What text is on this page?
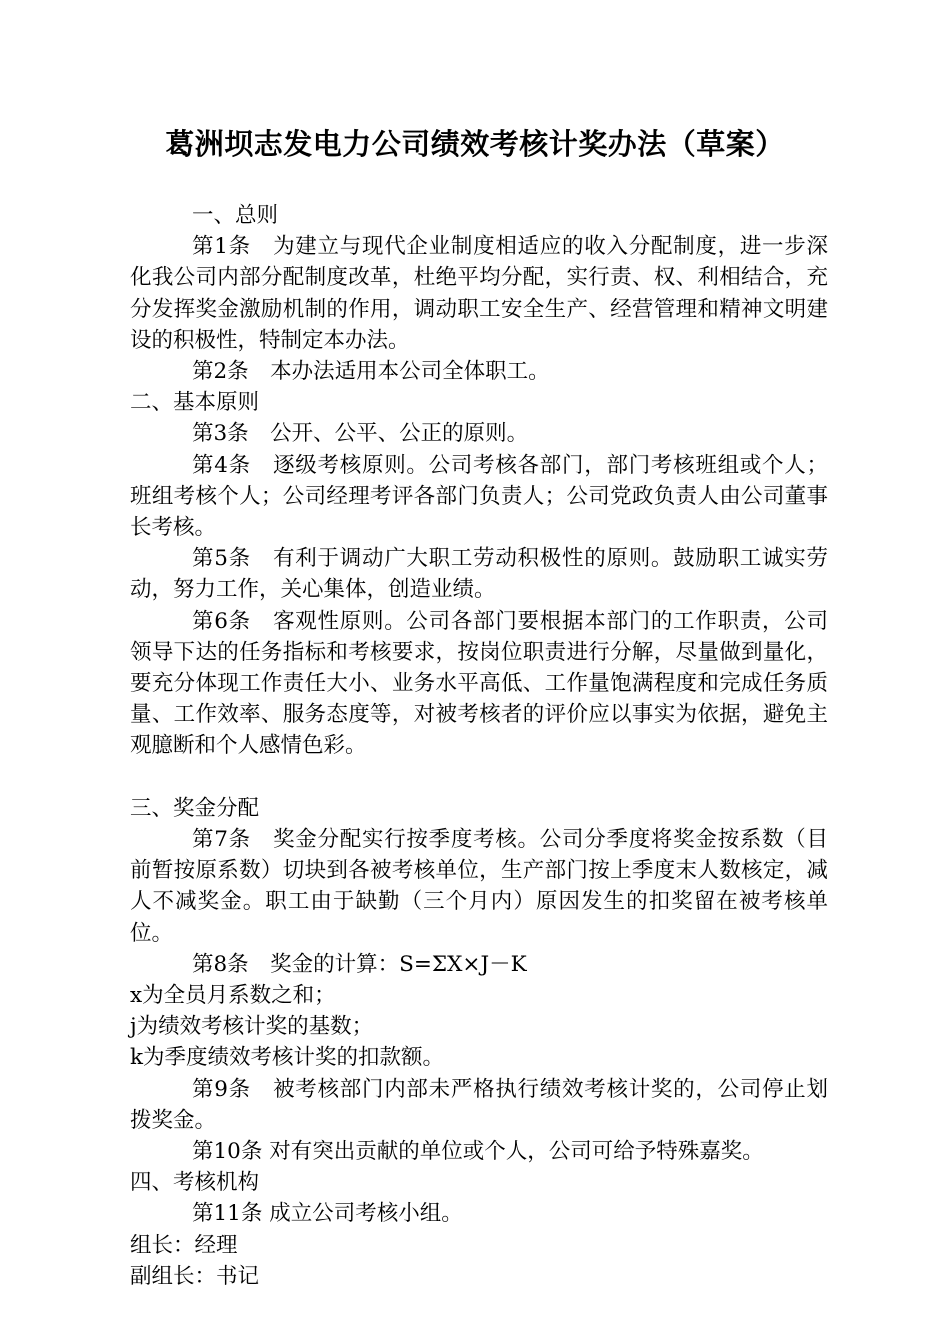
葛洲坝志发电力公司绩效考核计奖办法（草案）

一、总则

第1条　为建立与现代企业制度相适应的收入分配制度，进一步深化我公司内部分配制度改革，杜绝平均分配，实行责、权、利相结合，充分发挥奖金激励机制的作用，调动职工安全生产、经营管理和精神文明建设的积极性，特制定本办法。

第2条　本办法适用本公司全体职工。

二、基本原则

第3条　公开、公平、公正的原则。

第4条　逐级考核原则。公司考核各部门，部门考核班组或个人；班组考核个人；公司经理考评各部门负责人；公司党政负责人由公司董事长考核。

第5条　有利于调动广大职工劳动积极性的原则。鼓励职工诚实劳动，努力工作，关心集体，创造业绩。

第6条　客观性原则。公司各部门要根据本部门的工作职责，公司领导下达的任务指标和考核要求，按岗位职责进行分解，尽量做到量化，要充分体现工作责任大小、业务水平高低、工作量饱满程度和完成任务质量、工作效率、服务态度等，对被考核者的评价应以事实为依据，避免主观臆断和个人感情色彩。

三、奖金分配

第7条　奖金分配实行按季度考核。公司分季度将奖金按系数（目前暂按原系数）切块到各被考核单位，生产部门按上季度末人数核定，减人不减奖金。职工由于缺勤（三个月内）原因发生的扣奖留在被考核单位。

第8条　奖金的计算：S=ΣX×J－K

x为全员月系数之和；

j为绩效考核计奖的基数；

k为季度绩效考核计奖的扣款额。

第9条　被考核部门内部未严格执行绩效考核计奖的，公司停止划拨奖金。

第10条 对有突出贡献的单位或个人，公司可给予特殊嘉奖。

四、考核机构

第11条 成立公司考核小组。

组长：经理

副组长：书记
